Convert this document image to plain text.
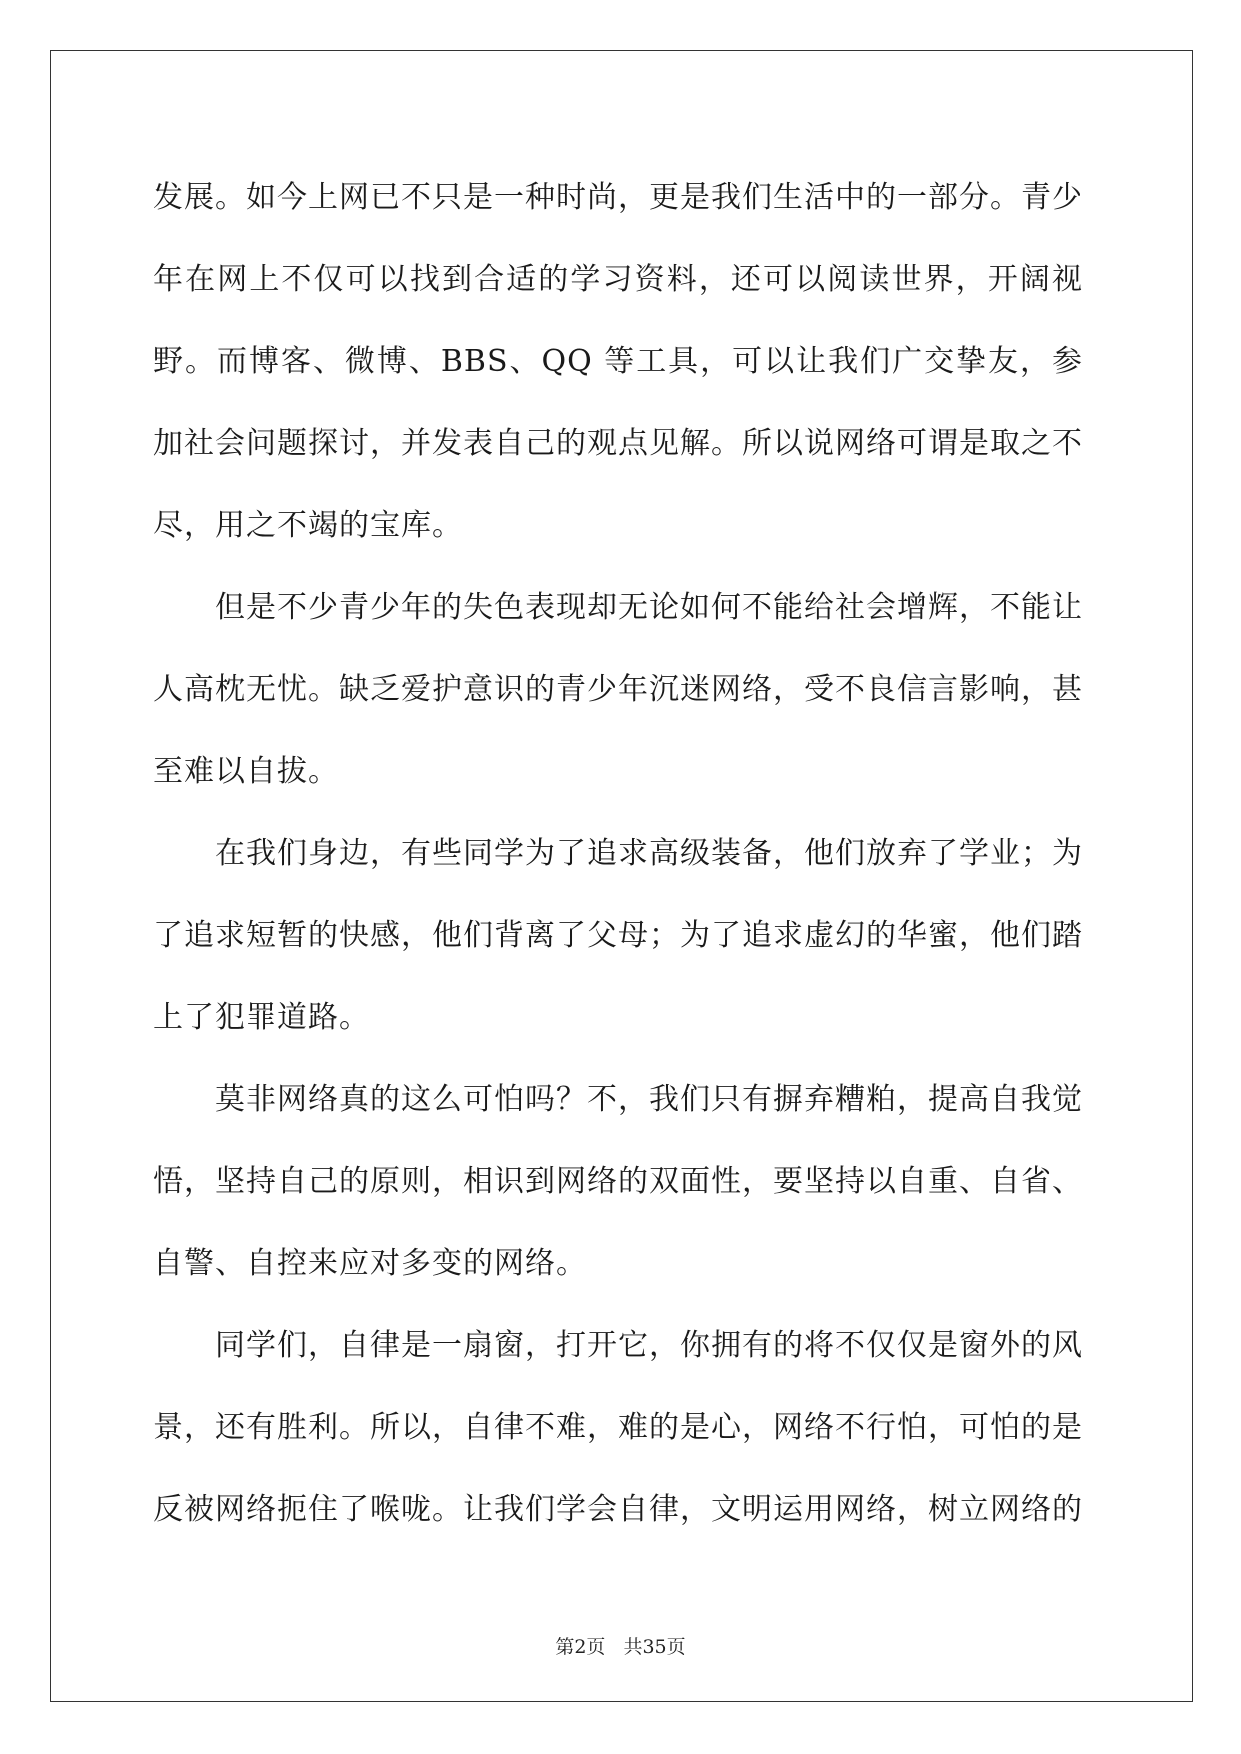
发展。如今上网已不只是一种时尚，更是我们生活中的一部分。青少年在网上不仅可以找到合适的学习资料，还可以阅读世界，开阔视野。而博客、微博、BBS、QQ 等工具，可以让我们广交挚友，参加社会问题探讨，并发表自己的观点见解。所以说网络可谓是取之不尽，用之不竭的宝库。

但是不少青少年的失色表现却无论如何不能给社会增辉，不能让人高枕无忧。缺乏爱护意识的青少年沉迷网络，受不良信言影响，甚至难以自拔。

在我们身边，有些同学为了追求高级装备，他们放弃了学业；为了追求短暂的快感，他们背离了父母；为了追求虚幻的华蜜，他们踏上了犯罪道路。

莫非网络真的这么可怕吗？不，我们只有摒弃糟粕，提高自我觉悟，坚持自己的原则，相识到网络的双面性，要坚持以自重、自省、自警、自控来应对多变的网络。

同学们，自律是一扇窗，打开它，你拥有的将不仅仅是窗外的风景，还有胜利。所以，自律不难，难的是心，网络不行怕，可怕的是反被网络扼住了喉咙。让我们学会自律，文明运用网络，树立网络的

第2页 共35页
